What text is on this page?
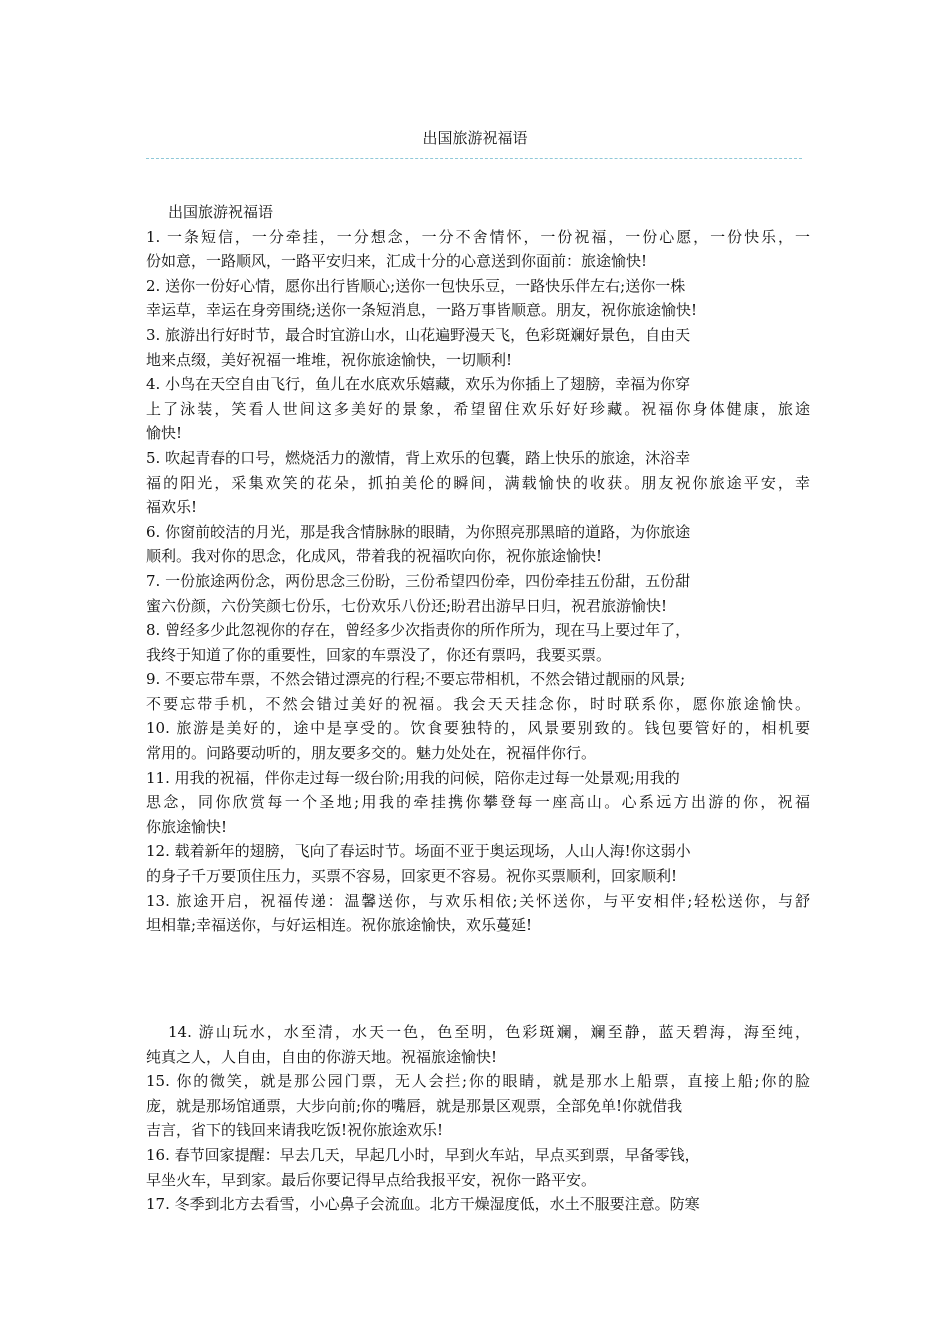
出国旅游祝福语
出国旅游祝福语
1. 一条短信，一分牵挂，一分想念，一分不舍情怀，一份祝福，一份心愿，一份快乐，一
份如意，一路顺风，一路平安归来，汇成十分的心意送到你面前：旅途愉快!
2. 送你一份好心情，愿你出行皆顺心;送你一包快乐豆，一路快乐伴左右;送你一株
幸运草，幸运在身旁围绕;送你一条短消息，一路万事皆顺意。朋友，祝你旅途愉快!
3. 旅游出行好时节，最合时宜游山水，山花遍野漫天飞，色彩斑斓好景色，自由天
地来点缀，美好祝福一堆堆，祝你旅途愉快，一切顺利!
4. 小鸟在天空自由飞行，鱼儿在水底欢乐嬉藏，欢乐为你插上了翅膀，幸福为你穿
上了泳装，笑看人世间这多美好的景象，希望留住欢乐好好珍藏。祝福你身体健康，旅途
愉快!
5. 吹起青春的口号，燃烧活力的激情，背上欢乐的包囊，踏上快乐的旅途，沐浴幸
福的阳光，采集欢笑的花朵，抓拍美伦的瞬间，满载愉快的收获。朋友祝你旅途平安，幸
福欢乐!
6. 你窗前皎洁的月光，那是我含情脉脉的眼睛，为你照亮那黑暗的道路，为你旅途
顺利。我对你的思念，化成风，带着我的祝福吹向你，祝你旅途愉快!
7. 一份旅途两份念，两份思念三份盼，三份希望四份牵，四份牵挂五份甜，五份甜
蜜六份颜，六份笑颜七份乐，七份欢乐八份还;盼君出游早日归，祝君旅游愉快!
8. 曾经多少此忽视你的存在，曾经多少次指责你的所作所为，现在马上要过年了，
我终于知道了你的重要性，回家的车票没了，你还有票吗，我要买票。
9. 不要忘带车票，不然会错过漂亮的行程;不要忘带相机，不然会错过靓丽的风景;
不要忘带手机，不然会错过美好的祝福。我会天天挂念你，时时联系你，愿你旅途愉快。
10. 旅游是美好的，途中是享受的。饮食要独特的，风景要别致的。钱包要管好的，相机要
常用的。问路要动听的，朋友要多交的。魅力处处在，祝福伴你行。
11. 用我的祝福，伴你走过每一级台阶;用我的问候，陪你走过每一处景观;用我的
思念，同你欣赏每一个圣地;用我的牵挂携你攀登每一座高山。心系远方出游的你，祝福
你旅途愉快!
12. 载着新年的翅膀，飞向了春运时节。场面不亚于奥运现场，人山人海!你这弱小
的身子千万要顶住压力，买票不容易，回家更不容易。祝你买票顺利，回家顺利!
13. 旅途开启，祝福传递：温馨送你，与欢乐相依;关怀送你，与平安相伴;轻松送你，与舒
坦相靠;幸福送你，与好运相连。祝你旅途愉快，欢乐蔓延!
14. 游山玩水，水至清，水天一色，色至明，色彩斑斓，斓至静，蓝天碧海，海至纯，
纯真之人，人自由，自由的你游天地。祝福旅途愉快!
15. 你的微笑，就是那公园门票，无人会拦;你的眼睛，就是那水上船票，直接上船;你的脸
庞，就是那场馆通票，大步向前;你的嘴唇，就是那景区观票，全部免单!你就借我
吉言，省下的钱回来请我吃饭!祝你旅途欢乐!
16. 春节回家提醒：早去几天，早起几小时，早到火车站，早点买到票，早备零钱，
早坐火车，早到家。最后你要记得早点给我报平安，祝你一路平安。
17. 冬季到北方去看雪，小心鼻子会流血。北方干燥湿度低，水土不服要注意。防寒
